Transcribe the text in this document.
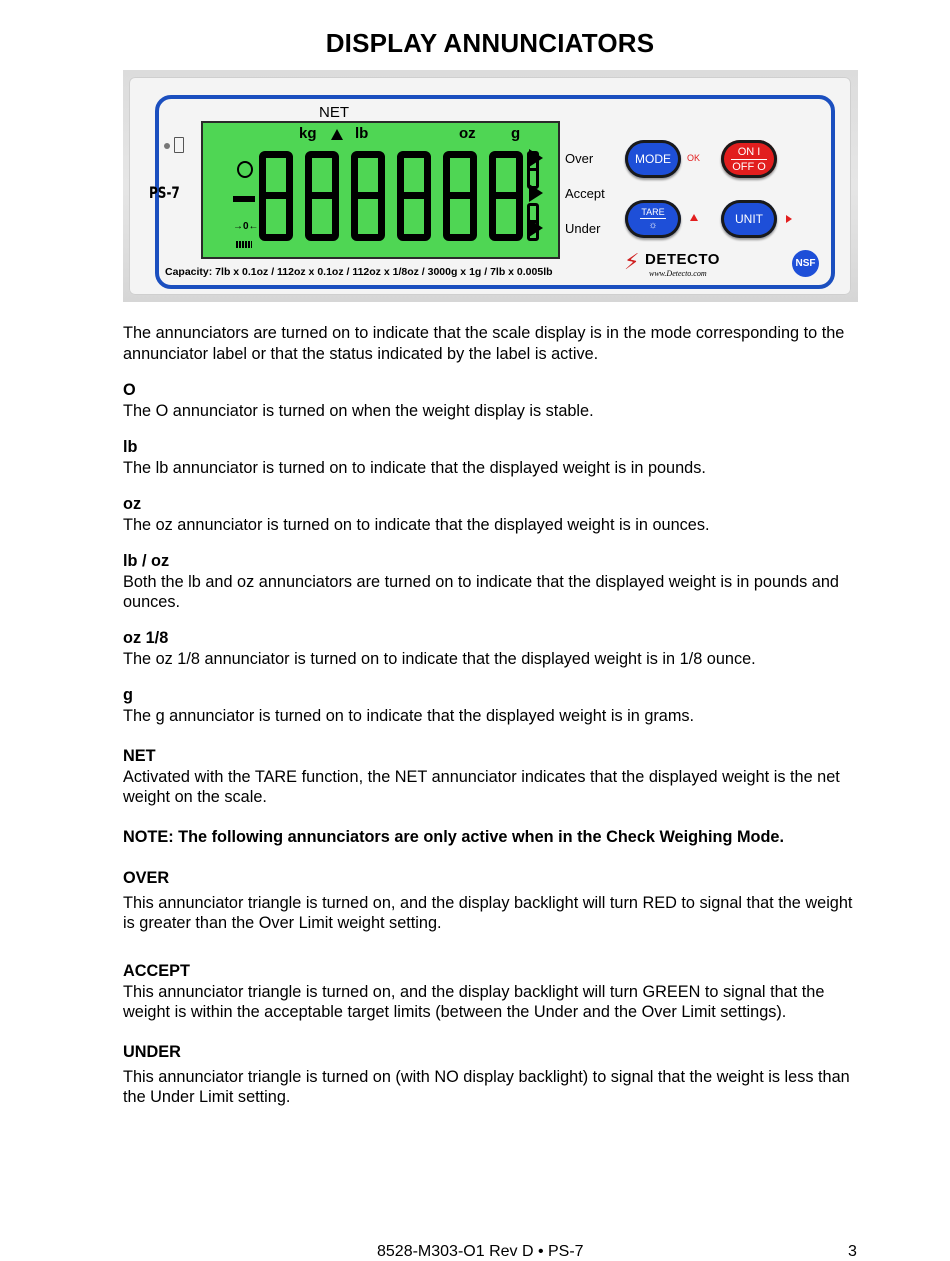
DISPLAY ANNUNCIATORS
PS-7
NET
kg	lb	oz g
→0←
Over
Accept
Under
MODE OK
ON I
OFF O
TARE
☼	UNIT
⚡ DETECTO
www.Detecto.com
NSF
Capacity: 7lb x 0.1oz / 112oz x 0.1oz / 112oz x 1/8oz / 3000g x 1g / 7lb x 0.005lb
The annunciators are turned on to indicate that the scale display is in the mode corresponding to the annunciator label or that the status indicated by the label is active.
O
The O annunciator is turned on when the weight display is stable.
lb
The lb annunciator is turned on to indicate that the displayed weight is in pounds.
oz
The oz annunciator is turned on to indicate that the displayed weight is in ounces.
lb / oz
Both the lb and oz annunciators are turned on to indicate that the displayed weight is in pounds and ounces.
oz 1/8
The oz 1/8 annunciator is turned on to indicate that the displayed weight is in 1/8 ounce.
g
The g annunciator is turned on to indicate that the displayed weight is in grams.
NET
Activated with the TARE function, the NET annunciator indicates that the displayed weight is the net weight on the scale.
NOTE: The following annunciators are only active when in the Check Weighing Mode.
OVER
This annunciator triangle is turned on, and the display backlight will turn RED to signal that the weight is greater than the Over Limit weight setting.
ACCEPT
This annunciator triangle is turned on, and the display backlight will turn GREEN to signal that the weight is within the acceptable target limits (between the Under and the Over Limit settings).
UNDER
This annunciator triangle is turned on (with NO display backlight) to signal that the weight is less than the Under Limit setting.
8528-M303-O1 Rev D • PS-7	3
